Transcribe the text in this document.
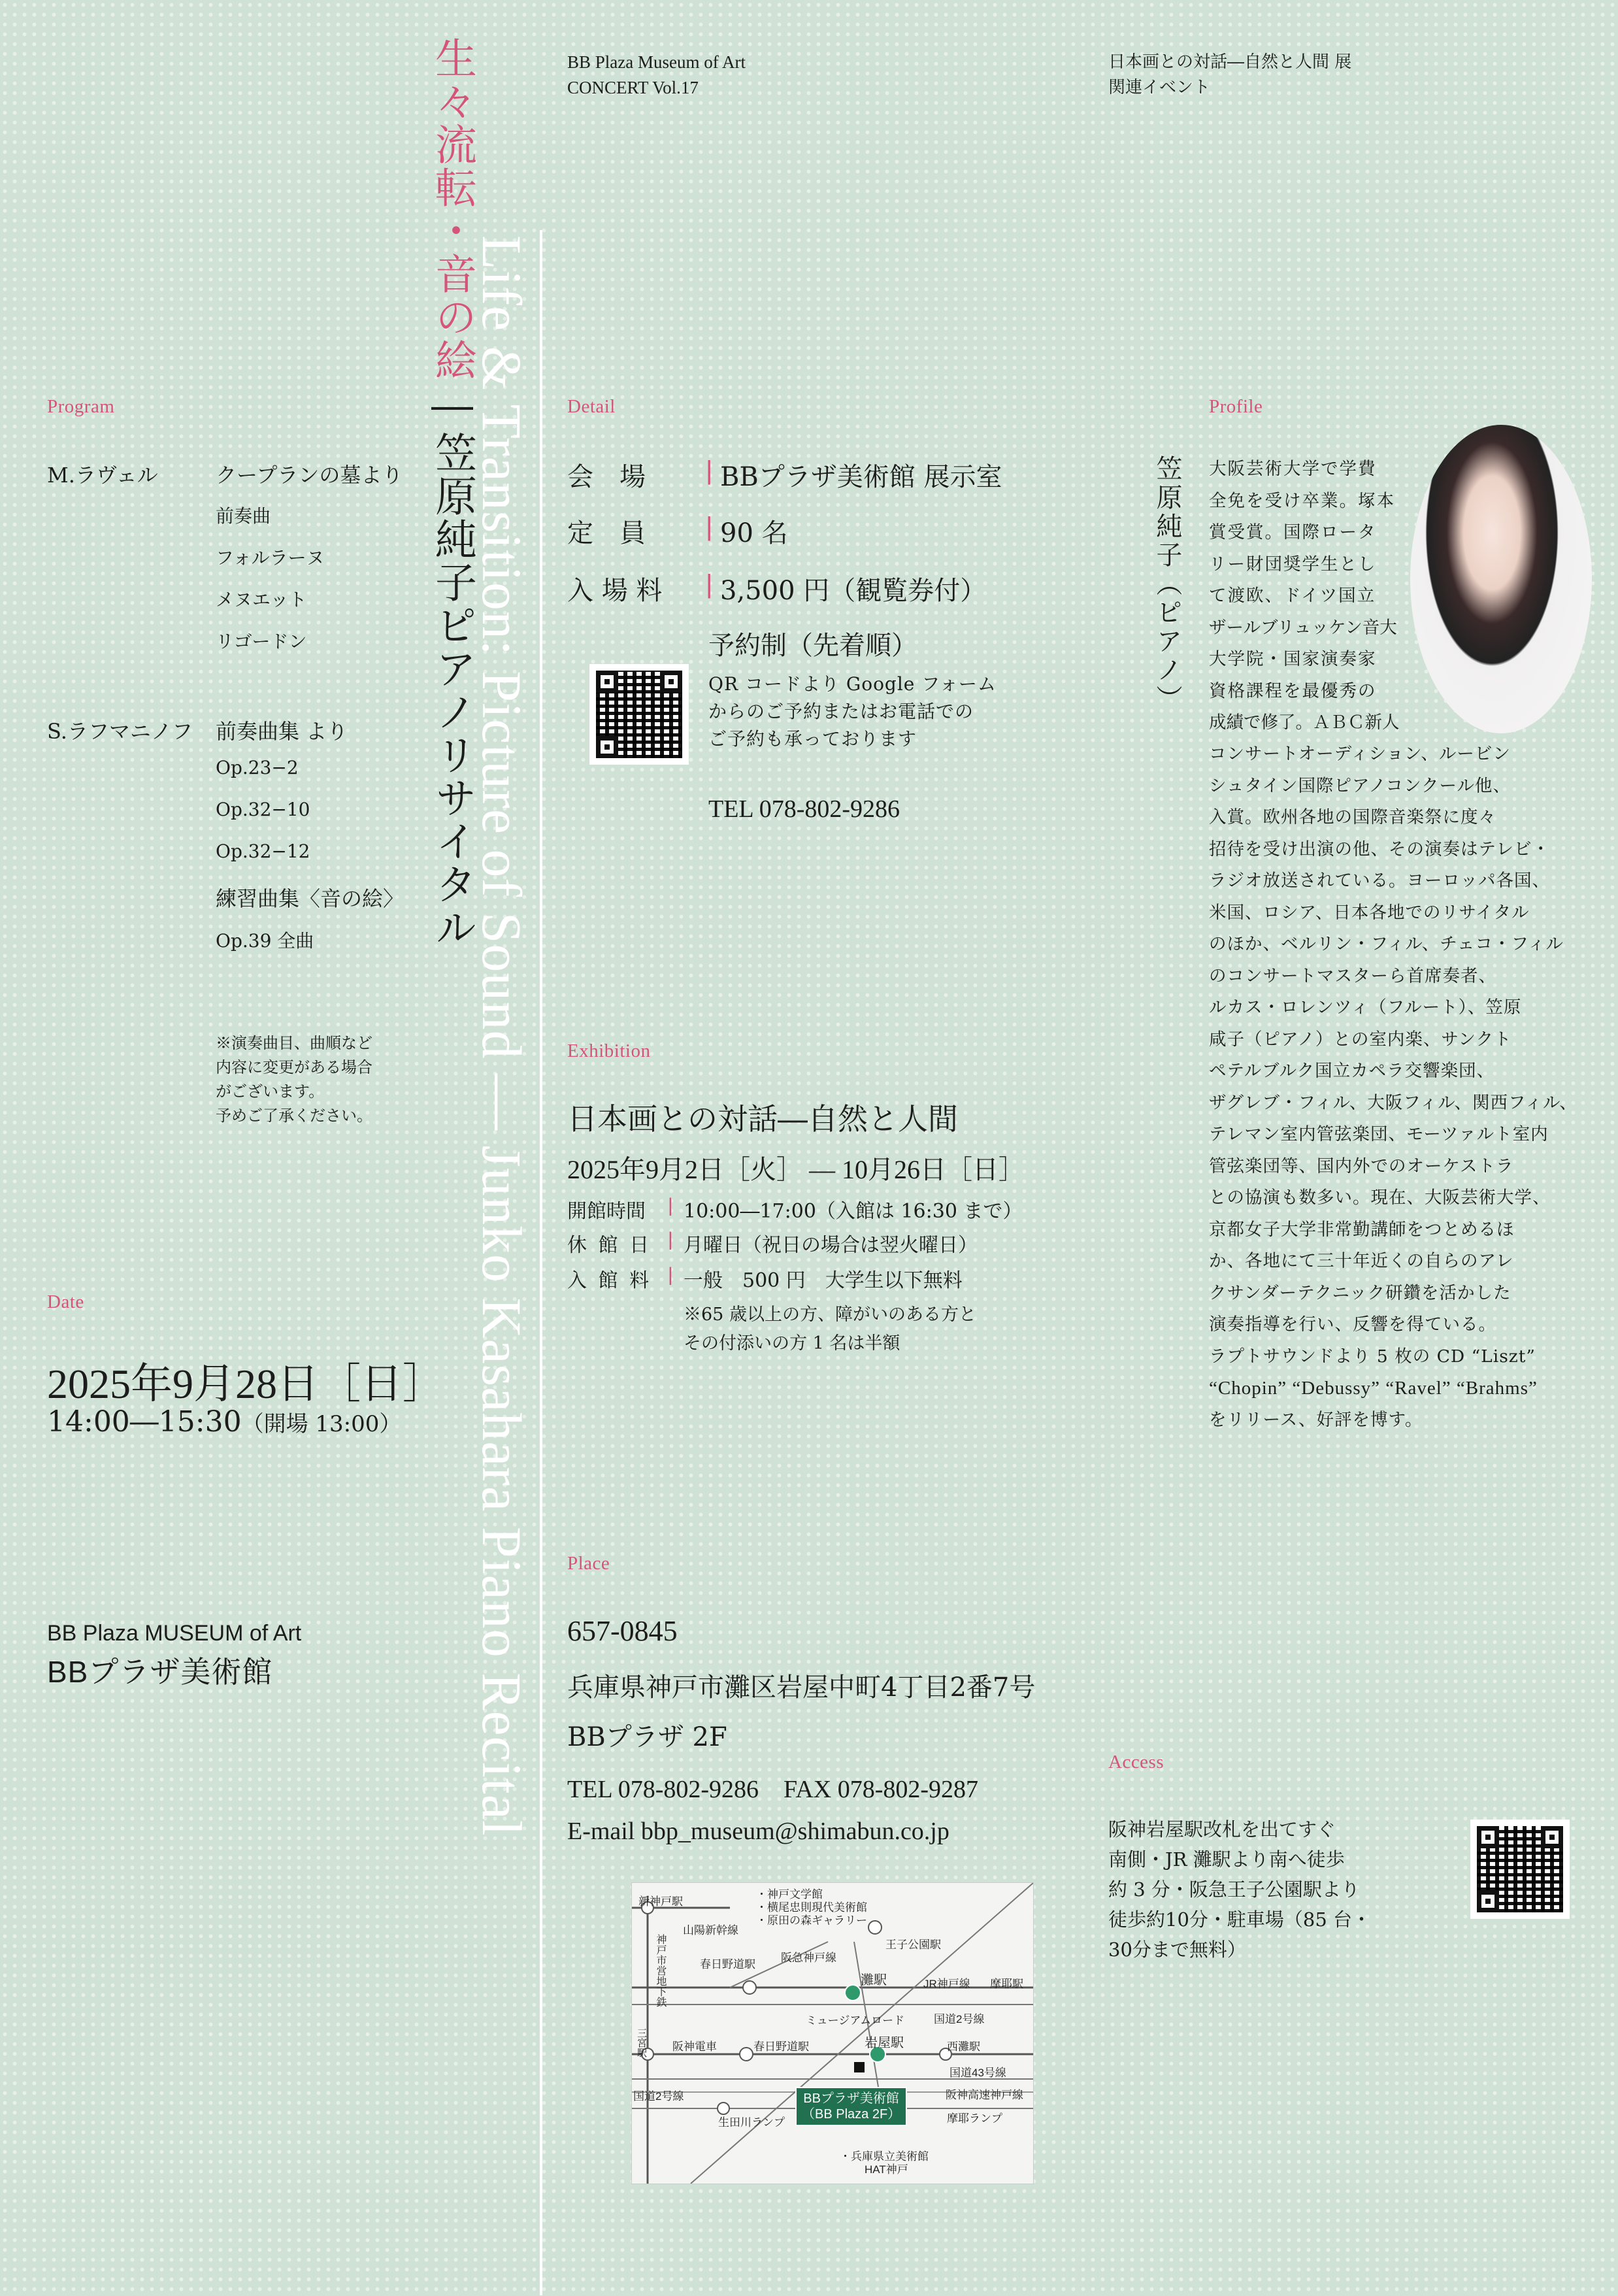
BB Plaza Museum of Art
CONCERT Vol.17
日本画との対話―自然と人間 展
関連イベント
生々流転・音の絵―笠原純子ピアノリサイタル
Life & Transition: Picture of Sound ― Junko Kasahara Piano Recital
Program
M.ラヴェル	クープランの墓より
前奏曲
フォルラーヌ
メヌエット
リゴードン
S.ラフマニノフ 前奏曲集 より
Op.23−2
Op.32−10
Op.32−12
練習曲集〈音の絵〉
Op.39 全曲
※演奏曲目、曲順など
内容に変更がある場合
がございます。
予めご了承ください。
Date
2025年9月28日［日］
14:00―15:30（開場 13:00）
BB Plaza MUSEUM of Art
BBプラザ美術館
Detail
会　場	| BBプラザ美術館 展示室
定　員	| 90 名
入 場 料	| 3,500 円（観覧券付）
予約制（先着順）
QR コードより Google フォーム
からのご予約またはお電話での
ご予約も承っております
TEL 078-802-9286
Exhibition
日本画との対話―自然と人間
2025年9月2日［火］ ― 10月26日［日］
開館時間	| 10:00―17:00（入館は 16:30 まで）
休 館 日 | 月曜日（祝日の場合は翌火曜日）
入 館 料 | 一般　500 円　大学生以下無料
※65 歳以上の方、障がいのある方と
その付添いの方 1 名は半額
Profile
笠原純子（ピアノ） 大阪芸術大学で学費
全免を受け卒業。塚本
賞受賞。国際ロータ
リー財団奨学生とし
て渡欧、ドイツ国立
ザールブリュッケン音大
大学院・国家演奏家
資格課程を最優秀の
成績で修了。ＡＢＣ新人
コンサートオーディション、ルービン
シュタイン国際ピアノコンクール他、
入賞。欧州各地の国際音楽祭に度々
招待を受け出演の他、その演奏はテレビ・
ラジオ放送されている。ヨーロッパ各国、
米国、ロシア、日本各地でのリサイタル
のほか、ベルリン・フィル、チェコ・フィル
のコンサートマスターら首席奏者、
ルカス・ロレンツィ（フルート）、笠原
咸子（ピアノ）との室内楽、サンクト
ペテルブルク国立カペラ交響楽団、
ザグレブ・フィル、大阪フィル、関西フィル、
テレマン室内管弦楽団、モーツァルト室内
管弦楽団等、国内外でのオーケストラ
との協演も数多い。現在、大阪芸術大学、
京都女子大学非常勤講師をつとめるほ
か、各地にて三十年近くの自らのアレ
クサンダーテクニック研鑽を活かした
演奏指導を行い、反響を得ている。
ラプトサウンドより 5 枚の CD “Liszt”
“Chopin” “Debussy” “Ravel” “Brahms”
をリリース、好評を博す。
Place
657-0845
兵庫県神戸市灘区岩屋中町4丁目2番7号
BBプラザ 2F
TEL 078-802-9286　FAX 078-802-9287
E-mail bbp_museum@shimabun.co.jp
Access
阪神岩屋駅改札を出てすぐ
南側・JR 灘駅より南へ徒歩
約 3 分・阪急王子公園駅より
徒歩約10分・駐車場（85 台・
30分まで無料）
新神戸駅
山陽新幹線
神戸市営地下鉄
・神戸文学館
・横尾忠則現代美術館
・原田の森ギャラリー
王子公園駅
春日野道駅
阪急神戸線
灘駅	JR神戸線 摩耶駅
ミュージアムロード	国道2号線
三宮駅 阪神電車	春日野道駅	岩屋駅	西灘駅
国道43号線
国道2号線	BBプラザ美術館
（BB Plaza 2F）
阪神高速神戸線
生田川ランプ	摩耶ランプ
・兵庫県立美術館
HAT神戸
